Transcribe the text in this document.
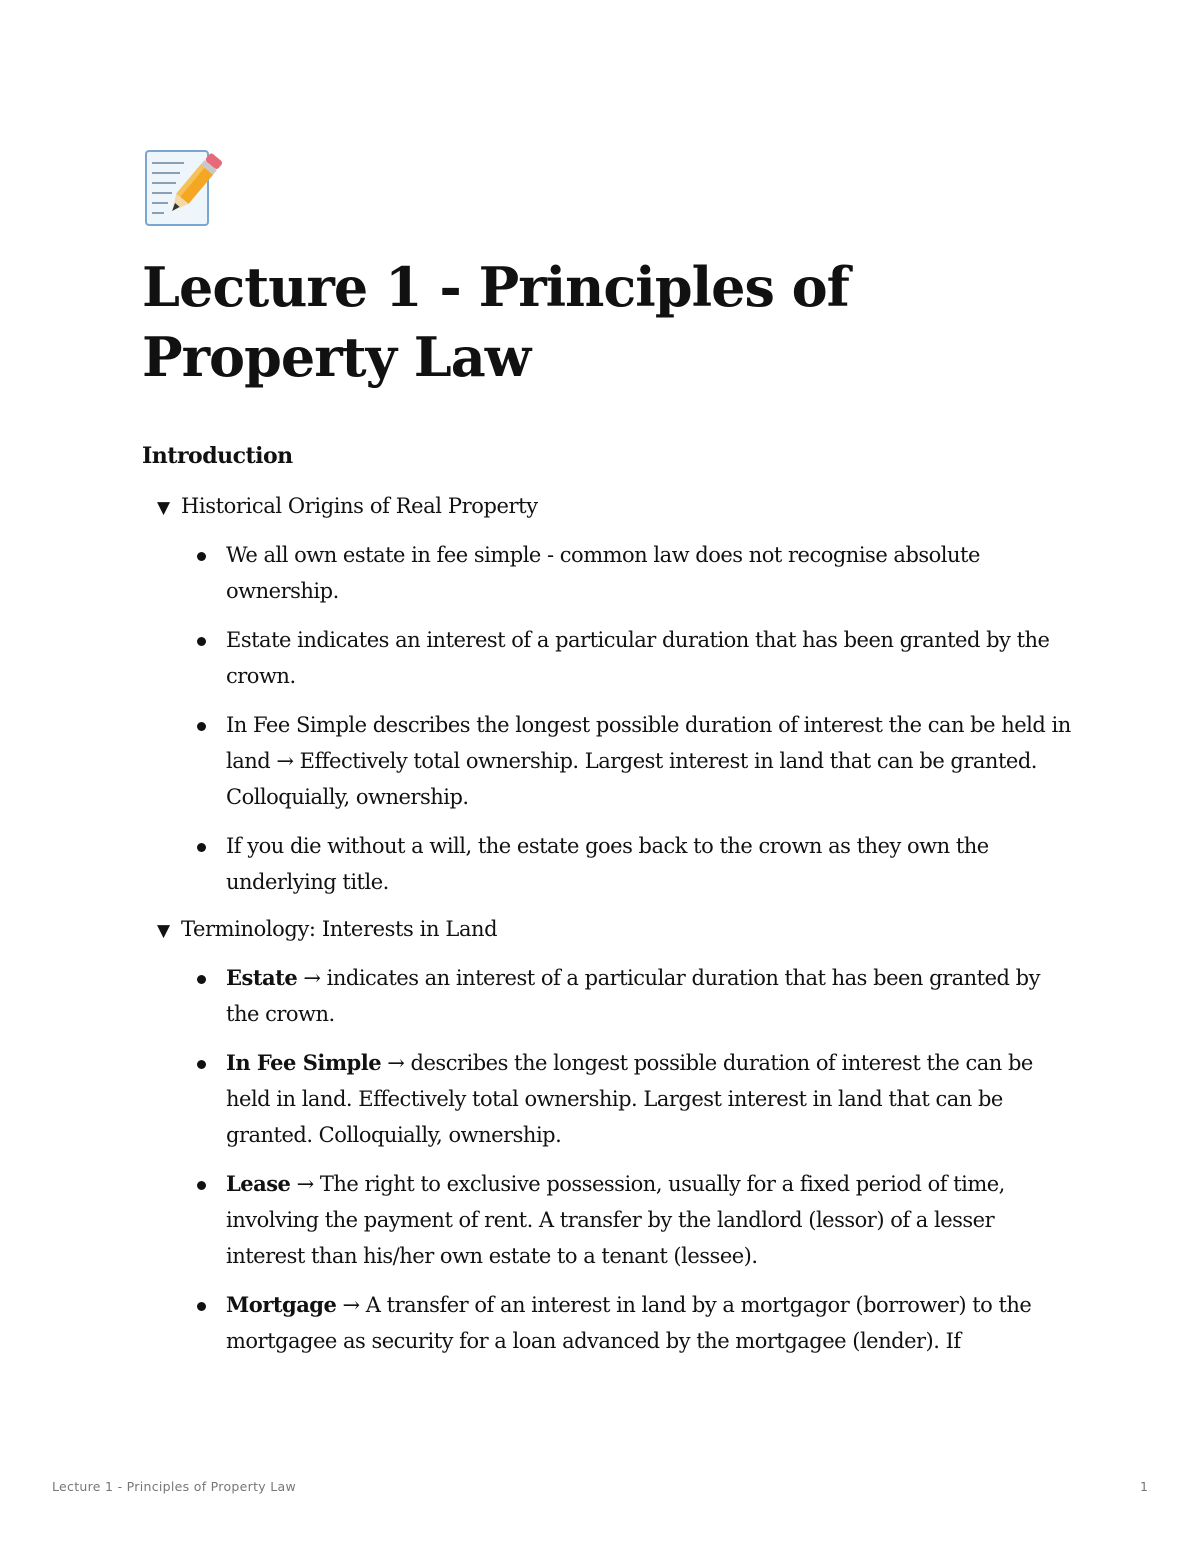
Lecture 1 - Principles of Property Law
Introduction
▼ Historical Origins of Real Property
We all own estate in fee simple - common law does not recognise absolute ownership.
Estate indicates an interest of a particular duration that has been granted by the crown.
In Fee Simple describes the longest possible duration of interest the can be held in land → Effectively total ownership. Largest interest in land that can be granted. Colloquially, ownership.
If you die without a will, the estate goes back to the crown as they own the underlying title.
▼ Terminology: Interests in Land
Estate → indicates an interest of a particular duration that has been granted by the crown.
In Fee Simple → describes the longest possible duration of interest the can be held in land. Effectively total ownership. Largest interest in land that can be granted. Colloquially, ownership.
Lease → The right to exclusive possession, usually for a fixed period of time, involving the payment of rent. A transfer by the landlord (lessor) of a lesser interest than his/her own estate to a tenant (lessee).
Mortgage → A transfer of an interest in land by a mortgagor (borrower) to the mortgagee as security for a loan advanced by the mortgagee (lender). If
Lecture 1 - Principles of Property Law	1
